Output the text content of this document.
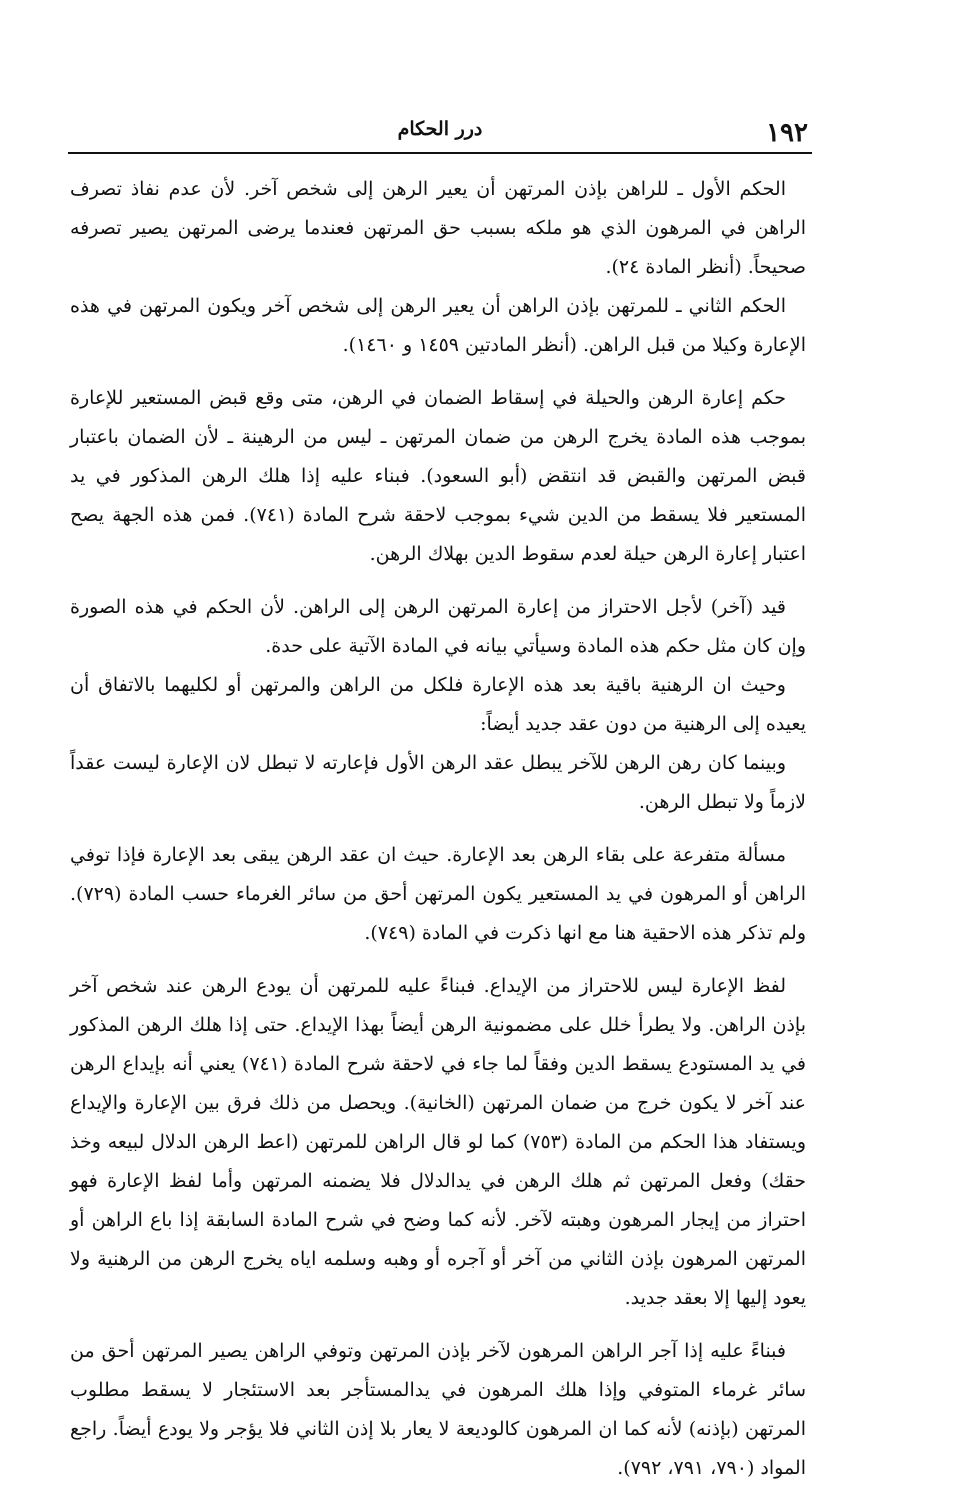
١٩٢
درر الحكام

الحكم الأول ـ للراهن بإذن المرتهن أن يعير الرهن إلى شخص آخر. لأن عدم نفاذ تصرف الراهن في المرهون الذي هو ملكه بسبب حق المرتهن فعندما يرضى المرتهن يصير تصرفه صحيحاً. (أنظر المادة ٢٤).

الحكم الثاني ـ للمرتهن بإذن الراهن أن يعير الرهن إلى شخص آخر ويكون المرتهن في هذه الإعارة وكيلا من قبل الراهن. (أنظر المادتين ١٤٥٩ و ١٤٦٠).

حكم إعارة الرهن والحيلة في إسقاط الضمان في الرهن، متى وقع قبض المستعير للإعارة بموجب هذه المادة يخرج الرهن من ضمان المرتهن ـ ليس من الرهينة ـ لأن الضمان باعتبار قبض المرتهن والقبض قد انتقض (أبو السعود). فبناء عليه إذا هلك الرهن المذكور في يد المستعير فلا يسقط من الدين شيء بموجب لاحقة شرح المادة (٧٤١). فمن هذه الجهة يصح اعتبار إعارة الرهن حيلة لعدم سقوط الدين بهلاك الرهن.

قيد (آخر) لأجل الاحتراز من إعارة المرتهن الرهن إلى الراهن. لأن الحكم في هذه الصورة وإن كان مثل حكم هذه المادة وسيأتي بيانه في المادة الآتية على حدة.

وحيث ان الرهنية باقية بعد هذه الإعارة فلكل من الراهن والمرتهن أو لكليهما بالاتفاق أن يعيده إلى الرهنية من دون عقد جديد أيضاً:

وبينما كان رهن الرهن للآخر يبطل عقد الرهن الأول فإعارته لا تبطل لان الإعارة ليست عقداً لازماً ولا تبطل الرهن.

مسألة متفرعة على بقاء الرهن بعد الإعارة. حيث ان عقد الرهن يبقى بعد الإعارة فإذا توفي الراهن أو المرهون في يد المستعير يكون المرتهن أحق من سائر الغرماء حسب المادة (٧٢٩). ولم تذكر هذه الاحقية هنا مع انها ذكرت في المادة (٧٤٩).

لفظ الإعارة ليس للاحتراز من الإيداع. فبناءً عليه للمرتهن أن يودع الرهن عند شخص آخر بإذن الراهن. ولا يطرأ خلل على مضمونية الرهن أيضاً بهذا الإيداع. حتى إذا هلك الرهن المذكور في يد المستودع يسقط الدين وفقاً لما جاء في لاحقة شرح المادة (٧٤١) يعني أنه بإيداع الرهن عند آخر لا يكون خرج من ضمان المرتهن (الخانية). ويحصل من ذلك فرق بين الإعارة والإيداع ويستفاد هذا الحكم من المادة (٧٥٣) كما لو قال الراهن للمرتهن (اعط الرهن الدلال لبيعه وخذ حقك) وفعل المرتهن ثم هلك الرهن في يدالدلال فلا يضمنه المرتهن وأما لفظ الإعارة فهو احتراز من إيجار المرهون وهبته لآخر. لأنه كما وضح في شرح المادة السابقة إذا باع الراهن أو المرتهن المرهون بإذن الثاني من آخر أو آجره أو وهبه وسلمه اياه يخرج الرهن من الرهنية ولا يعود إليها إلا بعقد جديد.

فبناءً عليه إذا آجر الراهن المرهون لآخر بإذن المرتهن وتوفي الراهن يصير المرتهن أحق من سائر غرماء المتوفي وإذا هلك المرهون في يدالمستأجر بعد الاستئجار لا يسقط مطلوب المرتهن (بإذنه) لأنه كما ان المرهون كالوديعة لا يعار بلا إذن الثاني فلا يؤجر ولا يودع أيضاً. راجع المواد (٧٩٠، ٧٩١، ٧٩٢).
